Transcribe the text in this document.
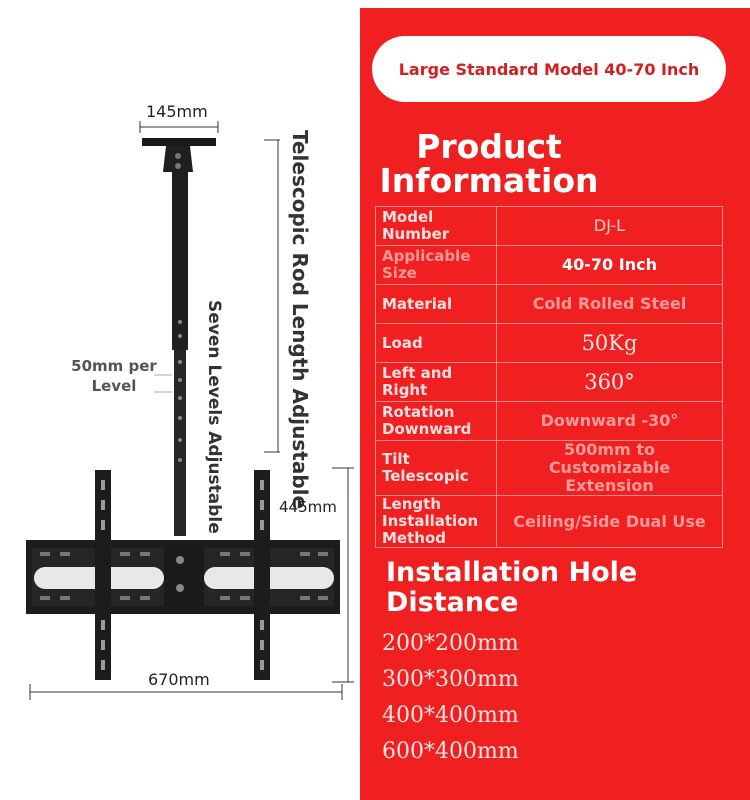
145mm
Telescopic Rod Length Adjustable
Seven Levels Adjustable
50mm per Level
445mm
670mm
Large Standard Model 40-70 Inch
Product Information
Model Number	DJ-L
Applicable Size	40-70 Inch
Material	Cold Rolled Steel
Load	50Kg
Left and Right	360°
Rotation Downward	Downward -30°
Tilt Telescopic	500mm to Customizable Extension
Length Installation Method	Ceiling/Side Dual Use
Installation Hole Distance
200*200mm
300*300mm
400*400mm
600*400mm
